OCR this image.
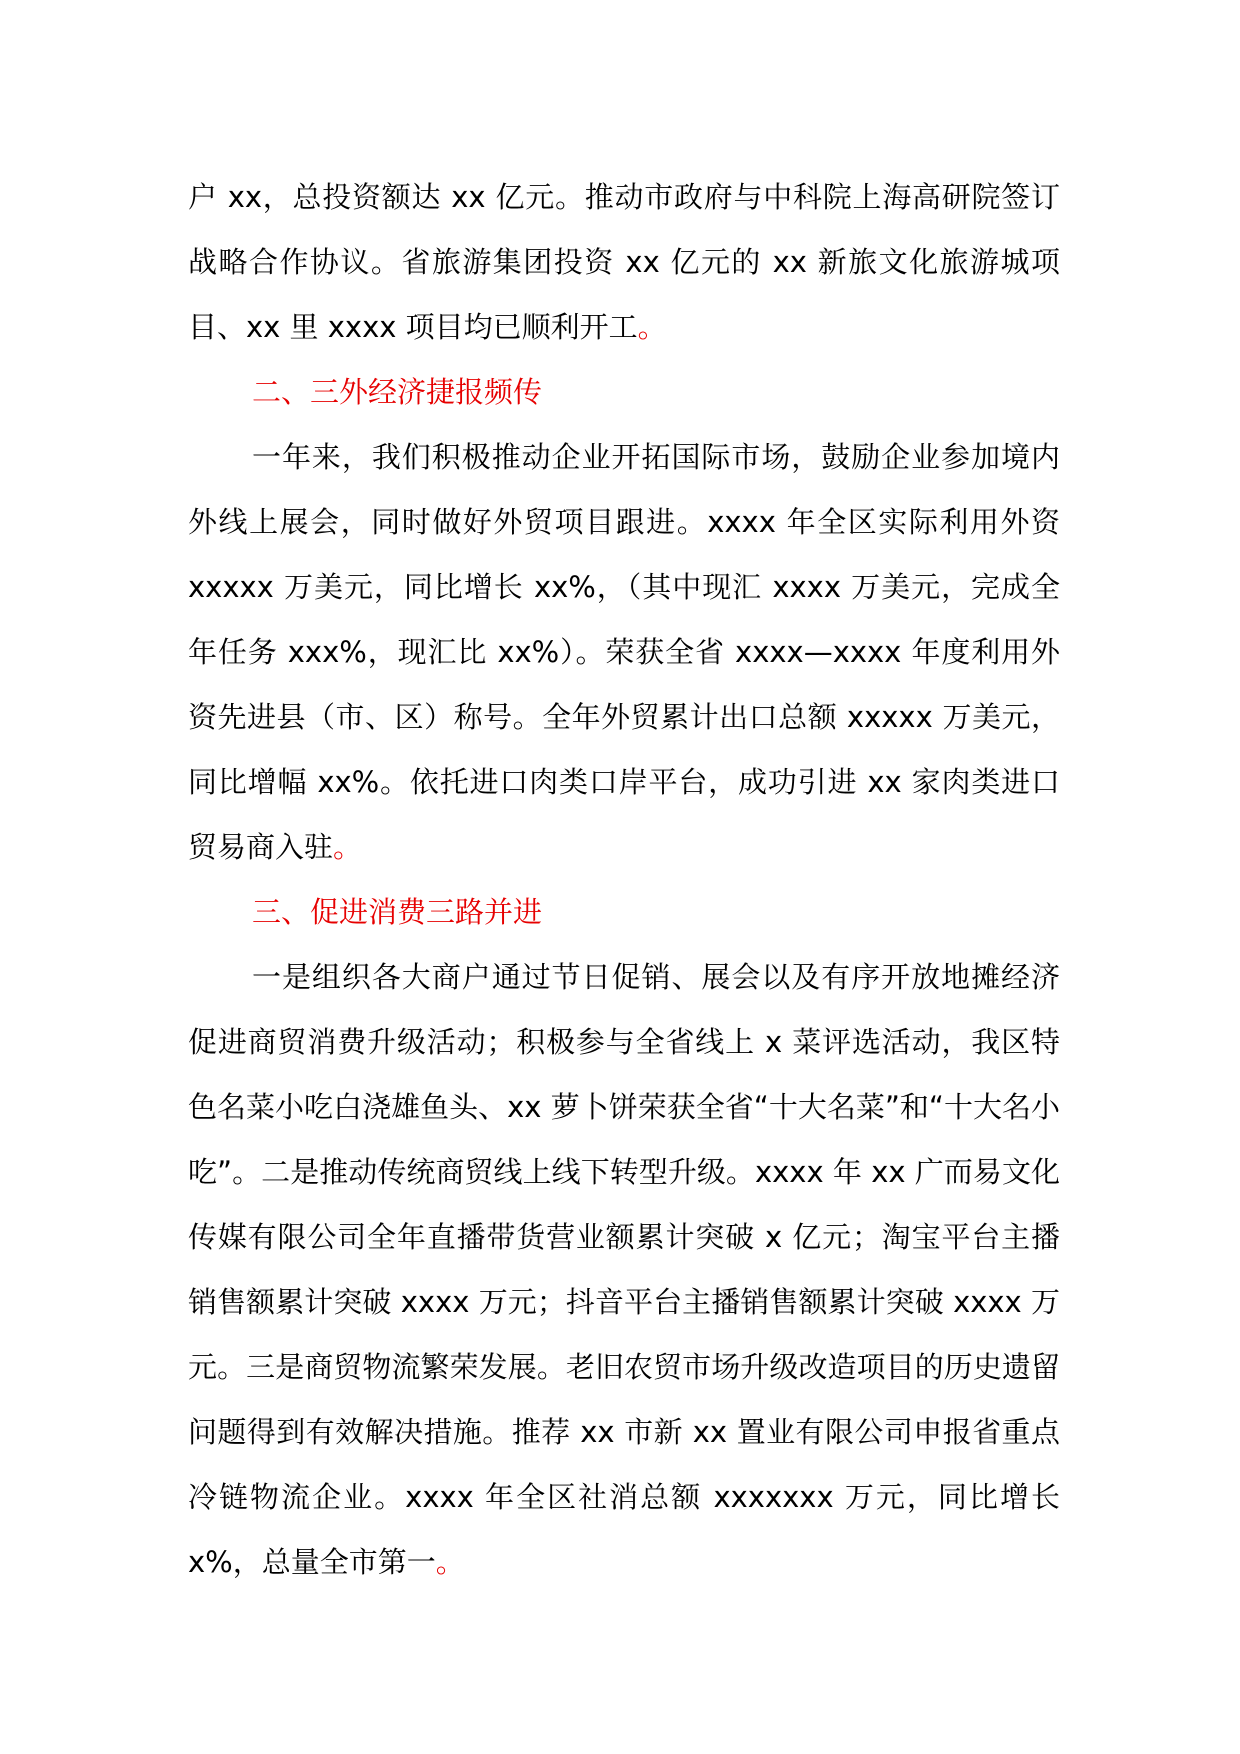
户 xx，总投资额达 xx 亿元。推动市政府与中科院上海高研院签订战略合作协议。省旅游集团投资 xx 亿元的 xx 新旅文化旅游城项目、xx 里 xxxx 项目均已顺利开工。

二、三外经济捷报频传

一年来，我们积极推动企业开拓国际市场，鼓励企业参加境内外线上展会，同时做好外贸项目跟进。xxxx 年全区实际利用外资 xxxxx 万美元，同比增长 xx%，（其中现汇 xxxx 万美元，完成全年任务 xxx%，现汇比 xx%）。荣获全省 xxxx—xxxx 年度利用外资先进县（市、区）称号。全年外贸累计出口总额 xxxxx 万美元，同比增幅 xx%。依托进口肉类口岸平台，成功引进 xx 家肉类进口贸易商入驻。

三、促进消费三路并进

一是组织各大商户通过节日促销、展会以及有序开放地摊经济促进商贸消费升级活动；积极参与全省线上 x 菜评选活动，我区特色名菜小吃白浇雄鱼头、xx 萝卜饼荣获全省“十大名菜”和“十大名小吃”。二是推动传统商贸线上线下转型升级。xxxx 年 xx 广而易文化传媒有限公司全年直播带货营业额累计突破 x 亿元；淘宝平台主播销售额累计突破 xxxx 万元；抖音平台主播销售额累计突破 xxxx 万元。三是商贸物流繁荣发展。老旧农贸市场升级改造项目的历史遗留问题得到有效解决措施。推荐 xx 市新 xx 置业有限公司申报省重点冷链物流企业。xxxx 年全区社消总额 xxxxxxx 万元，同比增长 x%，总量全市第一。
